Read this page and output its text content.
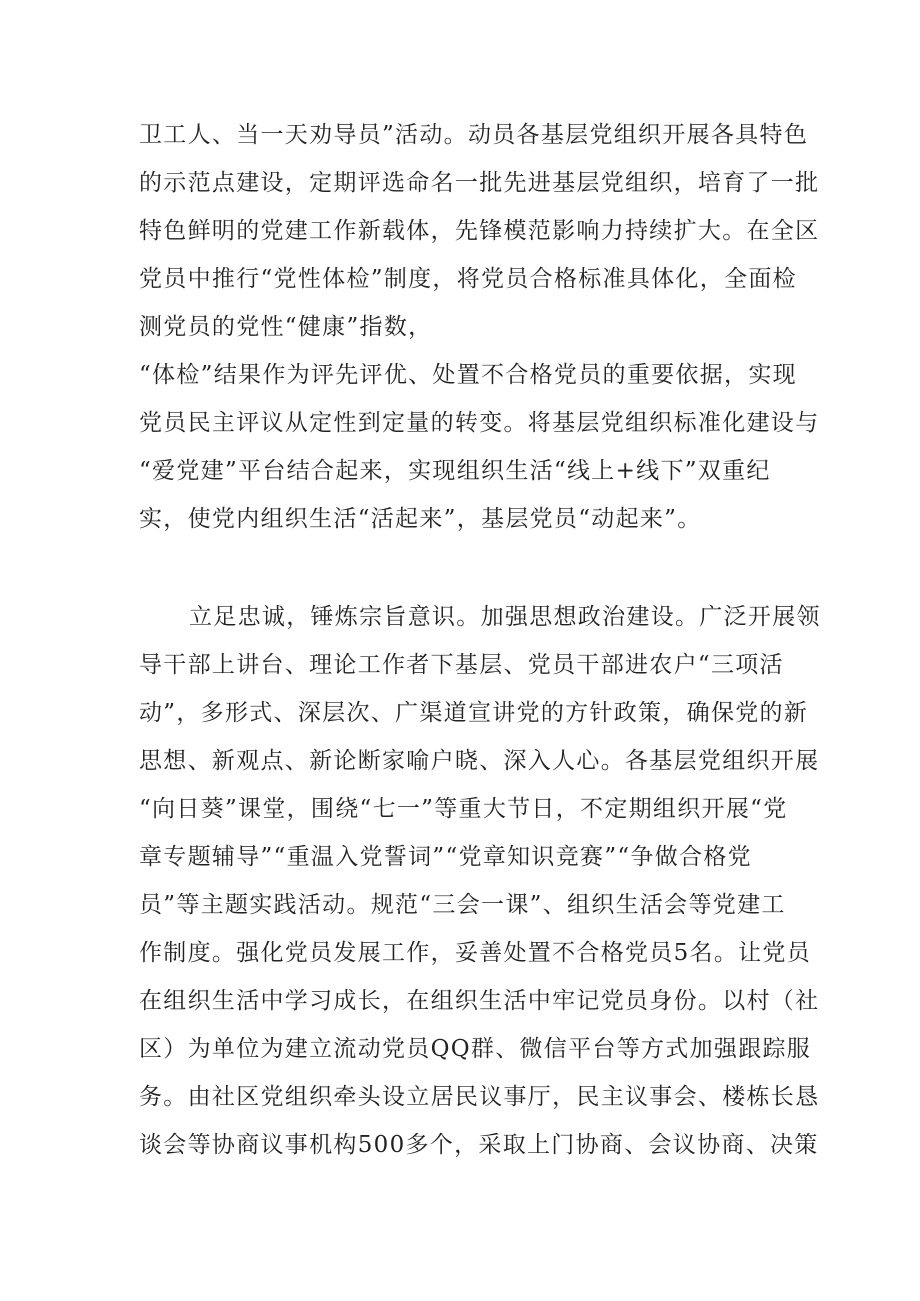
卫工人、当一天劝导员”活动。动员各基层党组织开展各具特色
的示范点建设，定期评选命名一批先进基层党组织，培育了一批
特色鲜明的党建工作新载体，先锋模范影响力持续扩大。在全区
党员中推行“党性体检”制度，将党员合格标准具体化，全面检
测党员的党性“健康”指数，
“体检”结果作为评先评优、处置不合格党员的重要依据，实现
党员民主评议从定性到定量的转变。将基层党组织标准化建设与
“爱党建”平台结合起来，实现组织生活“线上+线下”双重纪
实，使党内组织生活“活起来”，基层党员“动起来”。
立足忠诚，锤炼宗旨意识。加强思想政治建设。广泛开展领
导干部上讲台、理论工作者下基层、党员干部进农户“三项活
动”，多形式、深层次、广渠道宣讲党的方针政策，确保党的新
思想、新观点、新论断家喻户晓、深入人心。各基层党组织开展
“向日葵”课堂，围绕“七一”等重大节日，不定期组织开展“党
章专题辅导”“重温入党誓词”“党章知识竞赛”“争做合格党
员”等主题实践活动。规范“三会一课”、组织生活会等党建工
作制度。强化党员发展工作，妥善处置不合格党员5名。让党员
在组织生活中学习成长，在组织生活中牢记党员身份。以村（社
区）为单位为建立流动党员QQ群、微信平台等方式加强跟踪服
务。由社区党组织牵头设立居民议事厅，民主议事会、楼栋长恳
谈会等协商议事机构500多个，采取上门协商、会议协商、决策
